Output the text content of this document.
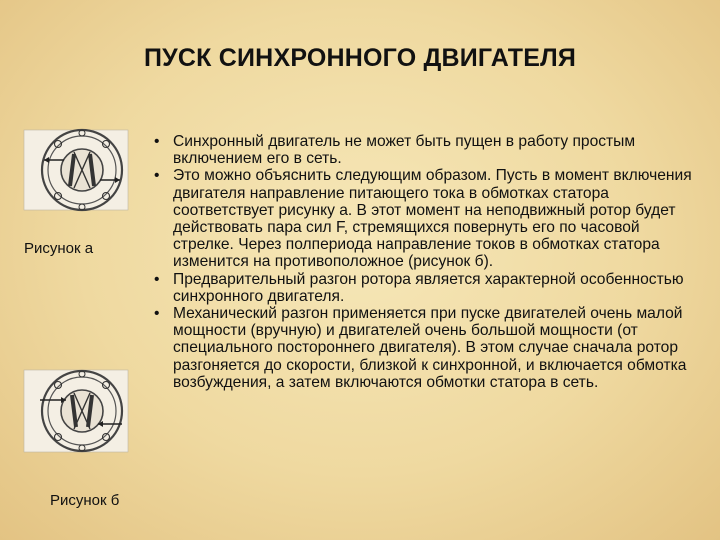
ПУСК СИНХРОННОГО ДВИГАТЕЛЯ
Рисунок а
Рисунок б
• Синхронный двигатель не может быть пущен в работу простым включением его в сеть.
• Это можно объяснить следующим образом. Пусть в момент включения двигателя направление питающего тока в обмотках статора соответствует рисунку а. В этот момент на неподвижный ротор будет действовать пара сил F, стремящихся повернуть его по часовой стрелке. Через полпериода направление токов в обмотках статора изменится на противоположное (рисунок б).
• Предварительный разгон ротора является характерной особенностью синхронного двигателя.
• Механический разгон применяется при пуске двигателей очень малой мощности (вручную) и двигателей очень большой мощности (от специального постороннего двигателя). В этом случае сначала ротор разгоняется до скорости, близкой к синхронной, и включается обмотка возбуждения, а затем включаются обмотки статора в сеть.
